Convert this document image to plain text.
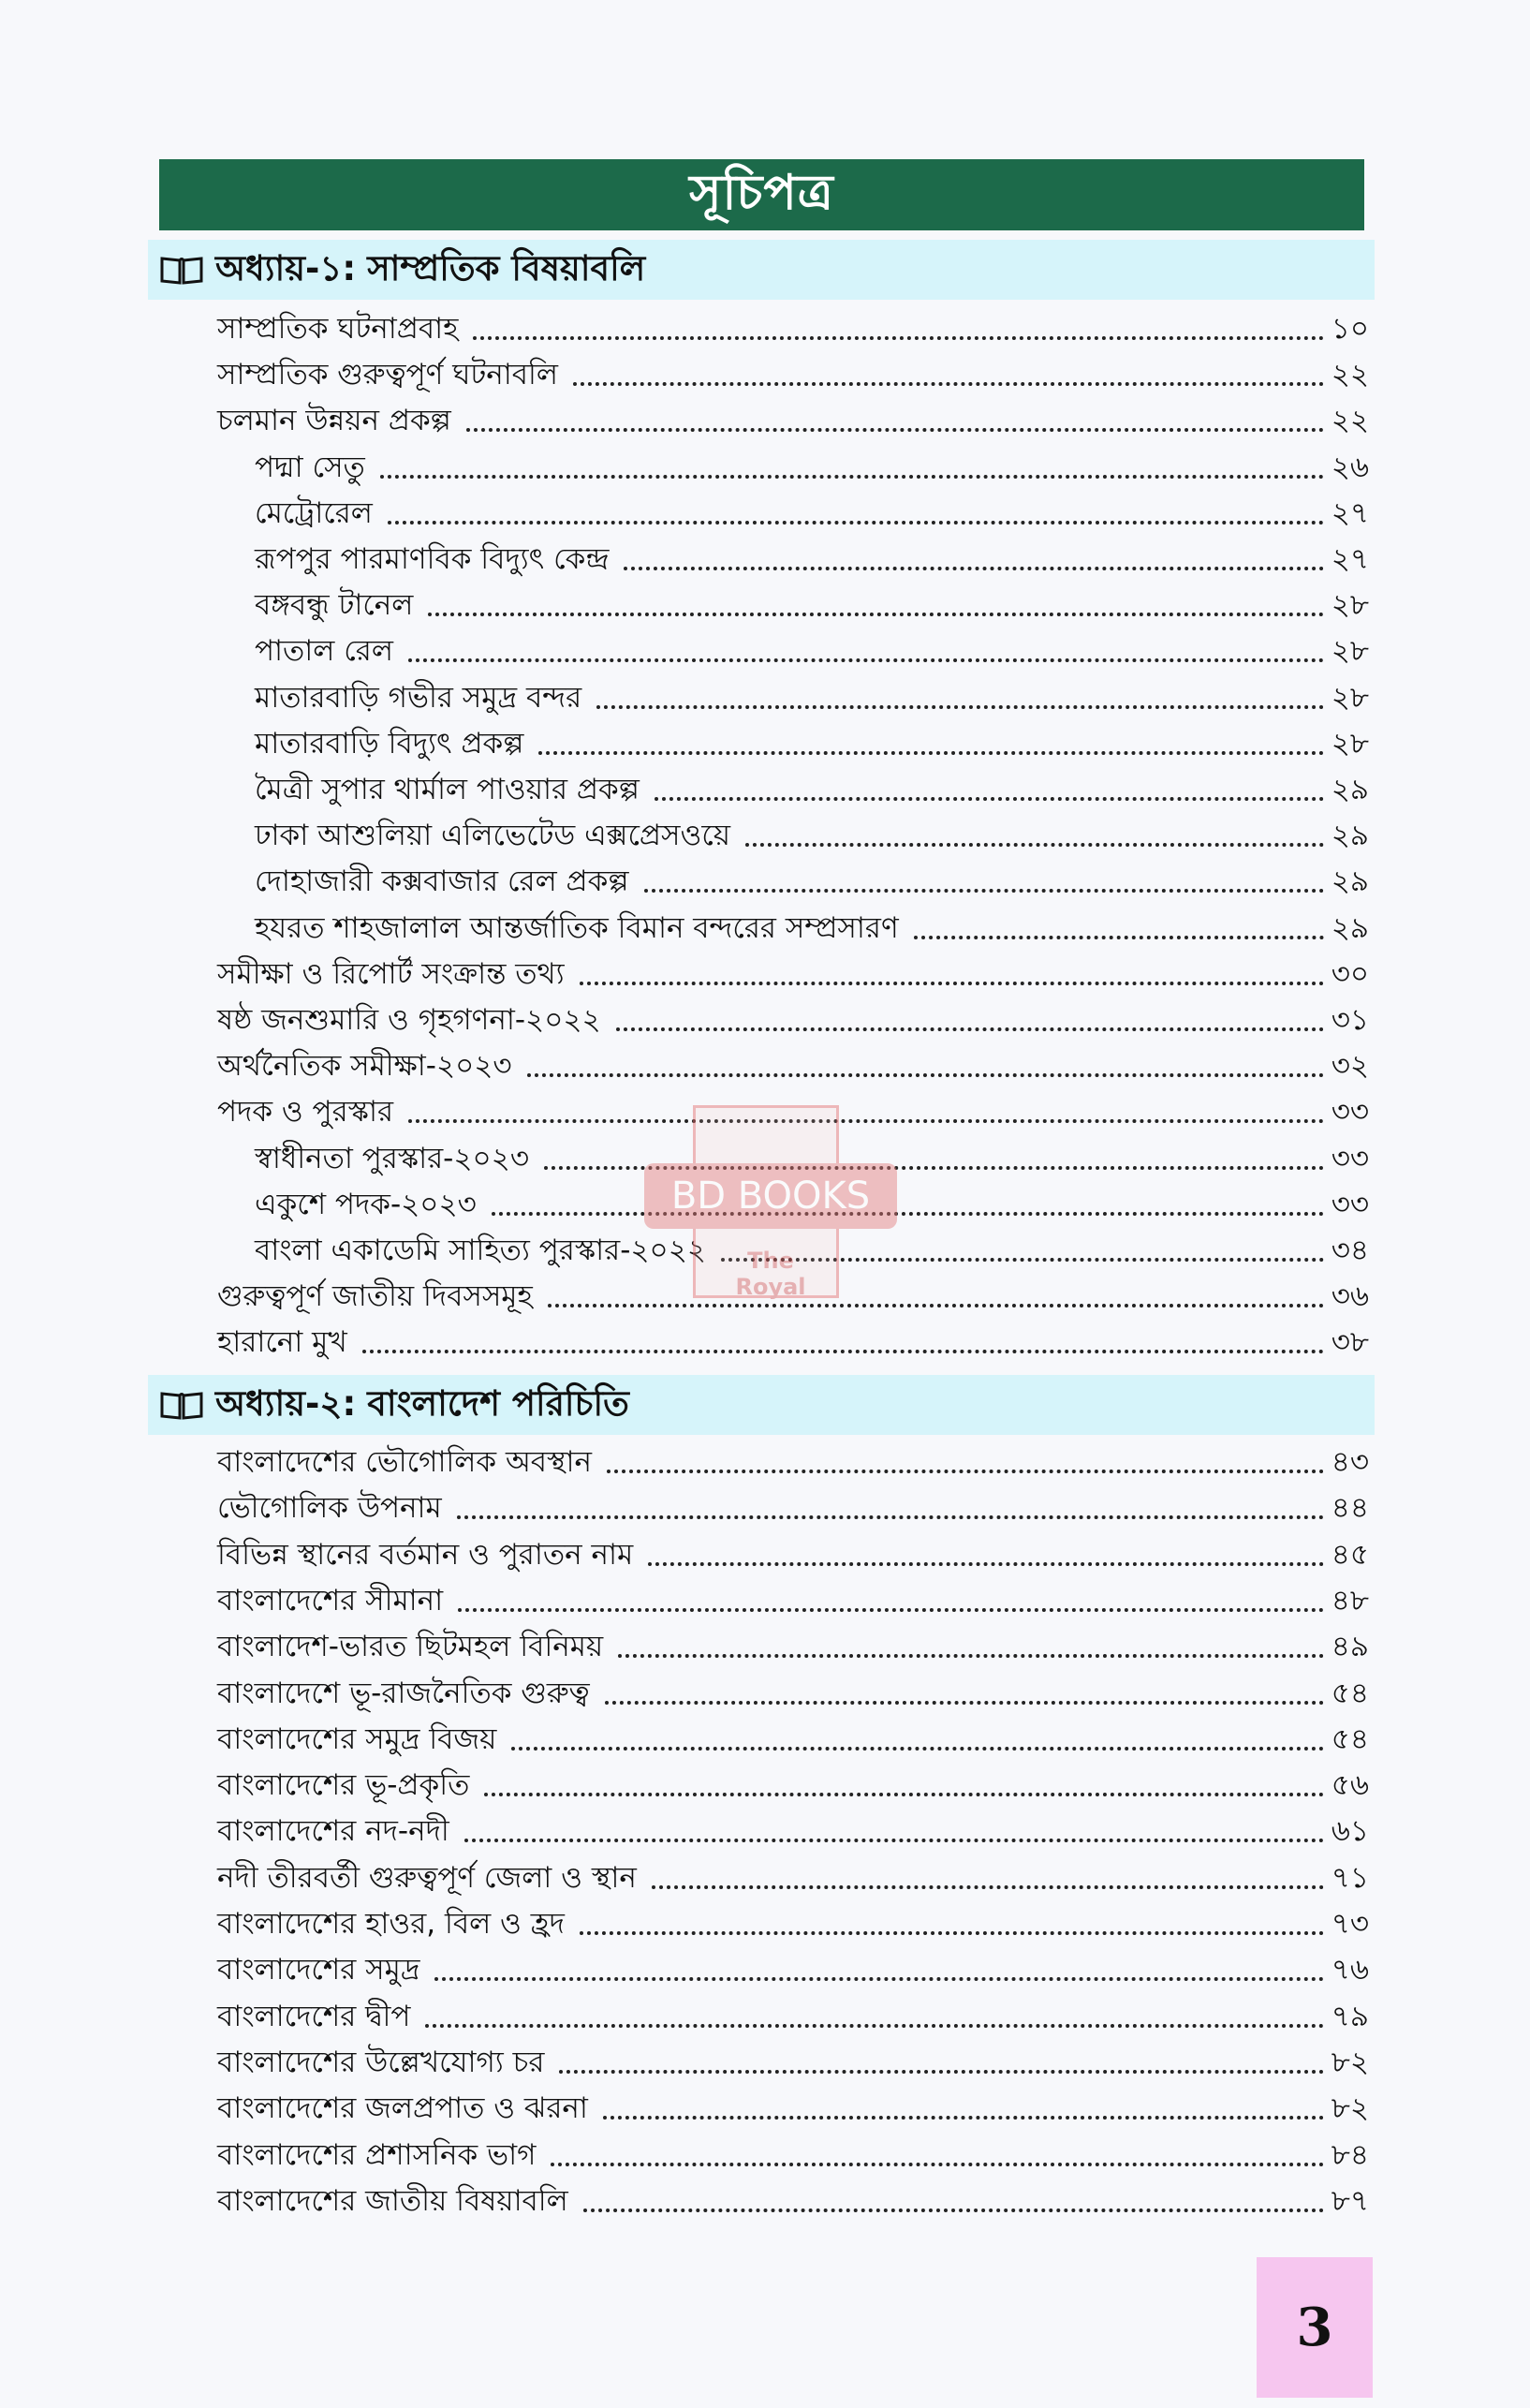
সূচিপত্র
অধ্যায়-১: সাম্প্রতিক বিষয়াবলি
সাম্প্রতিক ঘটনাপ্রবাহ	১০
সাম্প্রতিক গুরুত্বপূর্ণ ঘটনাবলি	২২
চলমান উন্নয়ন প্রকল্প	২২
পদ্মা সেতু	২৬
মেট্রোরেল	২৭
রূপপুর পারমাণবিক বিদ্যুৎ কেন্দ্র	২৭
বঙ্গবন্ধু টানেল	২৮
পাতাল রেল	২৮
মাতারবাড়ি গভীর সমুদ্র বন্দর	২৮
মাতারবাড়ি বিদ্যুৎ প্রকল্প	২৮
মৈত্রী সুপার থার্মাল পাওয়ার প্রকল্প	২৯
ঢাকা আশুলিয়া এলিভেটেড এক্সপ্রেসওয়ে	২৯
দোহাজারী কক্সবাজার রেল প্রকল্প	২৯
হযরত শাহজালাল আন্তর্জাতিক বিমান বন্দরের সম্প্রসারণ	২৯
সমীক্ষা ও রিপোর্ট সংক্রান্ত তথ্য	৩০
ষষ্ঠ জনশুমারি ও গৃহগণনা-২০২২	৩১
অর্থনৈতিক সমীক্ষা-২০২৩	৩২
পদক ও পুরস্কার	৩৩
স্বাধীনতা পুরস্কার-২০২৩	৩৩
একুশে পদক-২০২৩	৩৩
বাংলা একাডেমি সাহিত্য পুরস্কার-২০২২	৩৪
গুরুত্বপূর্ণ জাতীয় দিবসসমূহ	৩৬
হারানো মুখ	৩৮
অধ্যায়-২: বাংলাদেশ পরিচিতি
বাংলাদেশের ভৌগোলিক অবস্থান	৪৩
ভৌগোলিক উপনাম	৪৪
বিভিন্ন স্থানের বর্তমান ও পুরাতন নাম	৪৫
বাংলাদেশের সীমানা	৪৮
বাংলাদেশ-ভারত ছিটমহল বিনিময়	৪৯
বাংলাদেশে ভূ-রাজনৈতিক গুরুত্ব	৫৪
বাংলাদেশের সমুদ্র বিজয়	৫৪
বাংলাদেশের ভূ-প্রকৃতি	৫৬
বাংলাদেশের নদ-নদী	৬১
নদী তীরবর্তী গুরুত্বপূর্ণ জেলা ও স্থান	৭১
বাংলাদেশের হাওর, বিল ও হ্রদ	৭৩
বাংলাদেশের সমুদ্র	৭৬
বাংলাদেশের দ্বীপ	৭৯
বাংলাদেশের উল্লেখযোগ্য চর	৮২
বাংলাদেশের জলপ্রপাত ও ঝরনা	৮২
বাংলাদেশের প্রশাসনিক ভাগ	৮৪
বাংলাদেশের জাতীয় বিষয়াবলি	৮৭
BD BOOKS
The Royal
3
